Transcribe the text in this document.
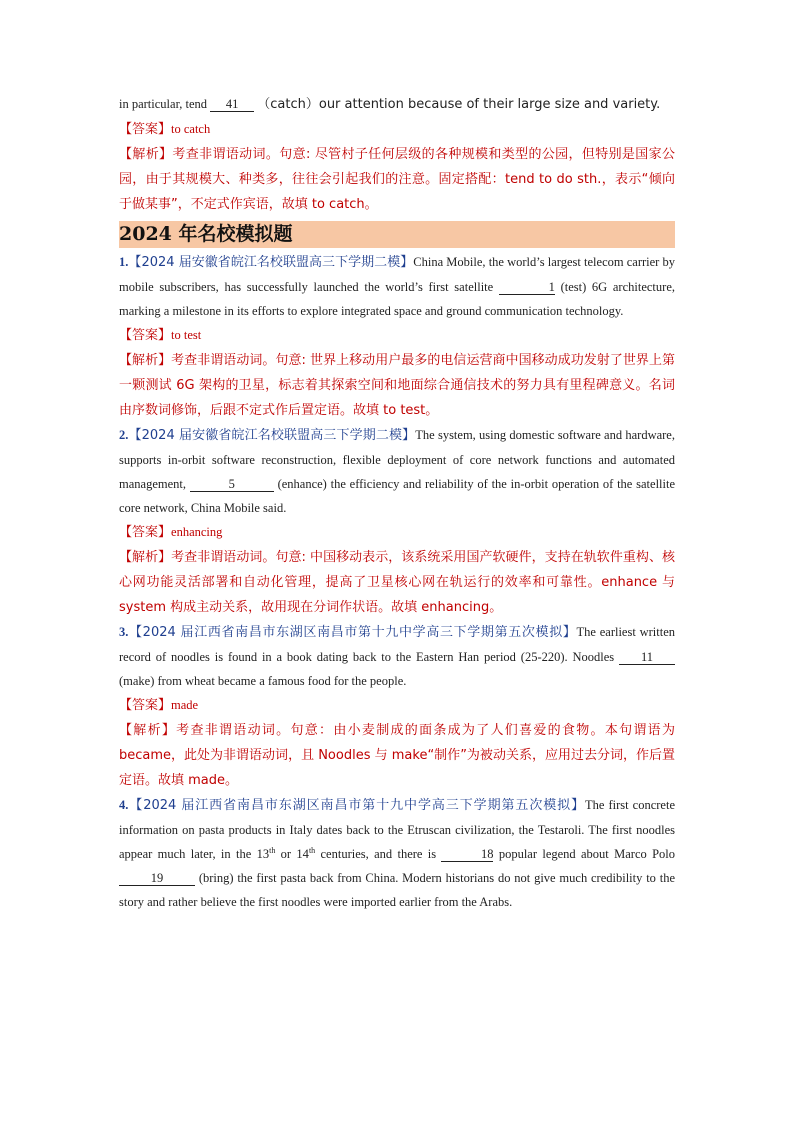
in particular, tend 41 （catch）our attention because of their large size and variety.

【答案】to catch

【解析】考查非谓语动词。句意: 尽管村子任何层级的各种规模和类型的公园，但特别是国家公园，由于其规模大、种类多，往往会引起我们的注意。固定搭配：tend to do sth.，表示“倾向于做某事”，不定式作宾语，故填 to catch。

2024 年名校模拟题

1.【2024 届安徽省皖江名校联盟高三下学期二模】China Mobile, the world’s largest telecom carrier by mobile subscribers, has successfully launched the world’s first satellite	1 (test) 6G architecture, marking a milestone in its efforts to explore integrated space and ground communication technology.

【答案】to test

【解析】考查非谓语动词。句意: 世界上移动用户最多的电信运营商中国移动成功发射了世界上第一颗测试 6G 架构的卫星，标志着其探索空间和地面综合通信技术的努力具有里程碑意义。名词由序数词修饰，后跟不定式作后置定语。故填 to test。

2.【2024 届安徽省皖江名校联盟高三下学期二模】The system, using domestic software and hardware, supports in-orbit software reconstruction, flexible deployment of core network functions and automated management,	5	(enhance) the efficiency and reliability of the in-orbit operation of the satellite core network, China Mobile said.

【答案】enhancing

【解析】考查非谓语动词。句意: 中国移动表示，该系统采用国产软硬件，支持在轨软件重构、核心网功能灵活部署和自动化管理，提高了卫星核心网在轨运行的效率和可靠性。enhance 与 system 构成主动关系，故用现在分词作状语。故填 enhancing。

3.【2024 届江西省南昌市东湖区南昌市第十九中学高三下学期第五次模拟】The earliest written record of noodles is found in a book dating back to the Eastern Han period (25-220). Noodles 11 (make) from wheat became a famous food for the people.

【答案】made

【解析】考查非谓语动词。句意：由小麦制成的面条成为了人们喜爱的食物。本句谓语为 became，此处为非谓语动词，且 Noodles 与 make“制作”为被动关系，应用过去分词，作后置定语。故填 made。

4.【2024 届江西省南昌市东湖区南昌市第十九中学高三下学期第五次模拟】The first concrete information on pasta products in Italy dates back to the Etruscan civilization, the Testaroli. The first noodles appear much later, in the 13th or 14th centuries, and there is	18 popular legend about Marco Polo 19	(bring) the first pasta back from China. Modern historians do not give much credibility to the story and rather believe the first noodles were imported earlier from the Arabs.
